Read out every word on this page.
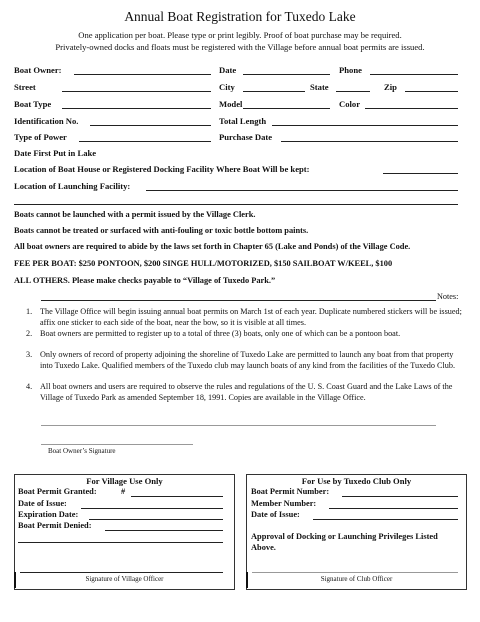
Annual Boat Registration for Tuxedo Lake
One application per boat. Please type or print legibly. Proof of boat purchase may be required.
Privately-owned docks and floats must be registered with the Village before annual boat permits are issued.
Boat Owner:	Date	Phone
Street	City	State	Zip
Boat Type	Model	Color
Identification No.	Total Length
Type of Power	Purchase Date
Date First Put in Lake
Location of Boat House or Registered Docking Facility Where Boat Will be kept:
Location of Launching Facility:
Boats cannot be launched with a permit issued by the Village Clerk.
Boats cannot be treated or surfaced with anti-fouling or toxic bottle bottom paints.
All boat owners are required to abide by the laws set forth in Chapter 65 (Lake and Ponds) of the Village Code.
FEE PER BOAT: $250 PONTOON, $200 SINGE HULL/MOTORIZED, $150 SAILBOAT W/KEEL, $100
ALL OTHERS. Please make checks payable to “Village of Tuxedo Park.”
Notes:
1. The Village Office will begin issuing annual boat permits on March 1st of each year. Duplicate numbered stickers will be issued; affix one sticker to each side of the boat, near the bow, so it is visible at all times.
2. Boat owners are permitted to register up to a total of three (3) boats, only one of which can be a pontoon boat.
3. Only owners of record of property adjoining the shoreline of Tuxedo Lake are permitted to launch any boat from that property into Tuxedo Lake. Qualified members of the Tuxedo club may launch boats of any kind from the facilities of the Tuxedo Club.
4. All boat owners and users are required to observe the rules and regulations of the U. S. Coast Guard and the Lake Laws of the Village of Tuxedo Park as amended September 18, 1991. Copies are available in the Village Office.
Boat Owner’s Signature
For Village Use Only
Boat Permit Granted:	#
Date of Issue:
Expiration Date:
Boat Permit Denied:
Signature of Village Officer
For Use by Tuxedo Club Only
Boat Permit Number:
Member Number:
Date of Issue:
Approval of Docking or Launching Privileges Listed Above.
Signature of Club Officer
